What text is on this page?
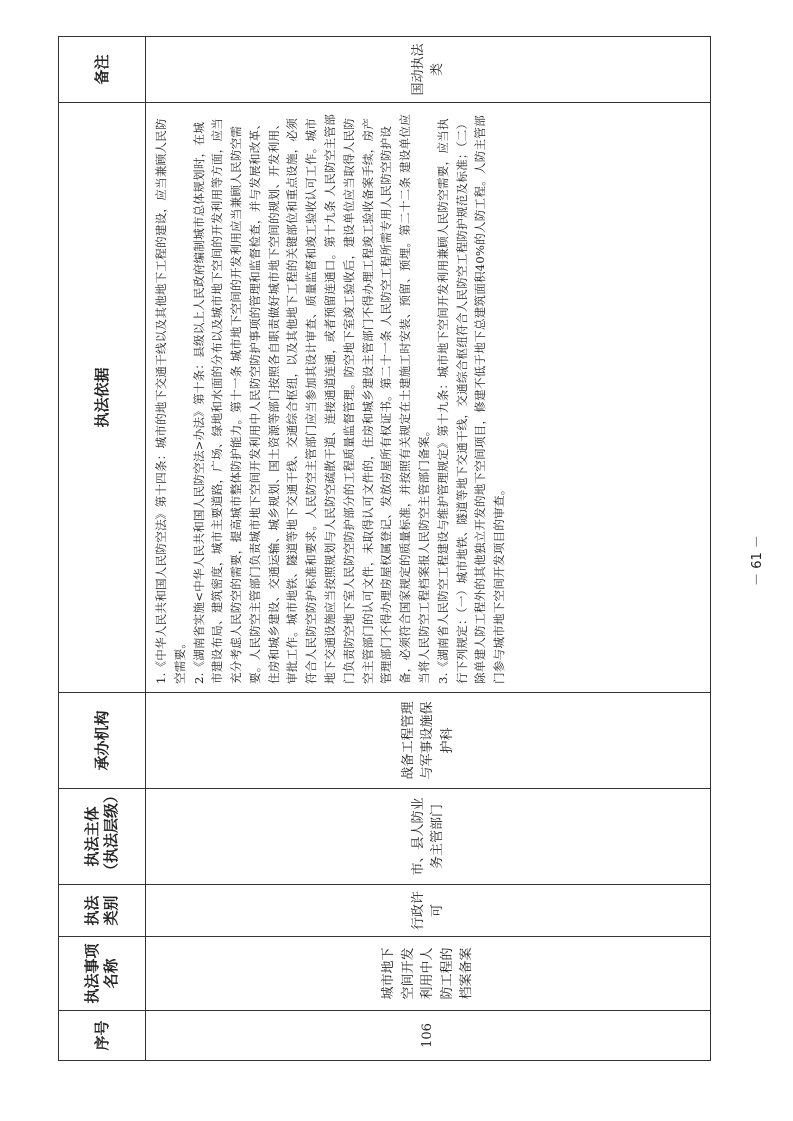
序号	执法事项名称	执法类别	执法主体（执法层级）	承办机构	执法依据	备注
106	城市地下空间开发利用中人防工程的档案备案	行政许可	市、县人防业务主管部门	战备工程管理与军事设施保护科	1.《中华人民共和国人民防空法》第十四条：城市的地下交通干线以及其他地下工程的建设，应当兼顾人民防空需要。 2.《湖南省实施<中华人民共和国人民防空法>办法》第十条：县级以上人民政府编制城市总体规划时，在城市建设布局、建筑密度，城市主要道路，广场、绿地和水面的分布以及城市地下空间的开发利用等方面，应当充分考虑人民防空的需要，提高城市整体防护能力。第十一条 城市地下空间的开发利用应当兼顾人民防空需要。人民防空主管部门负责城市地下空间开发利用中人民防空防护事项的管理和监督检查，并与发展和改革、住房和城乡建设、交通运输、城乡规划、国土资源等部门按照各自职责做好城市地下空间的规划、开发利用、审批工作。城市地铁、隧道等地下交通干线、交通综合枢纽，以及其他地下工程的关键部位和重点设施，必须符合人民防空防护标准和要求。人民防空主管部门应当参加其设计审查、质量监督和竣工验收认可工作。城市地下交通设施应当按照规划与人民防空疏散干道、连接通道连通，或者预留连通口。第十九条 人民防空主管部门负责防空地下室人民防空防护部分的工程质量监督管理。防空地下室竣工验收后，建设单位应当取得人民防空主管部门的认可文件，未取得认可文件的，住房和城乡建设主管部门不得办理工程竣工验收备案手续，房产管理部门不得办理房屋权属登记、发放房屋所有权证书。第二十一条 人民防空工程所需专用人民防空防护设备，必须符合国家规定的质量标准，并按照有关规定在土建施工时安装、预留、预埋。第二十二条 建设单位应当将人民防空工程档案报人民防空主管部门备案。 3.《湖南省人民防空工程建设与维护管理规定》第十九条：城市地下空间开发利用兼顾人民防空需要，应当执行下列规定：（一）城市地铁、隧道等地下交通干线，交通综合枢纽符合人民防空工程防护规范及标准；（二）除单建人防工程外的其他独立开发的地下空间项目，修建不低于地下总建筑面积40%的人防工程。人防主管部门参与城市地下空间开发项目的审查。	国动执法类
－ 61 －
